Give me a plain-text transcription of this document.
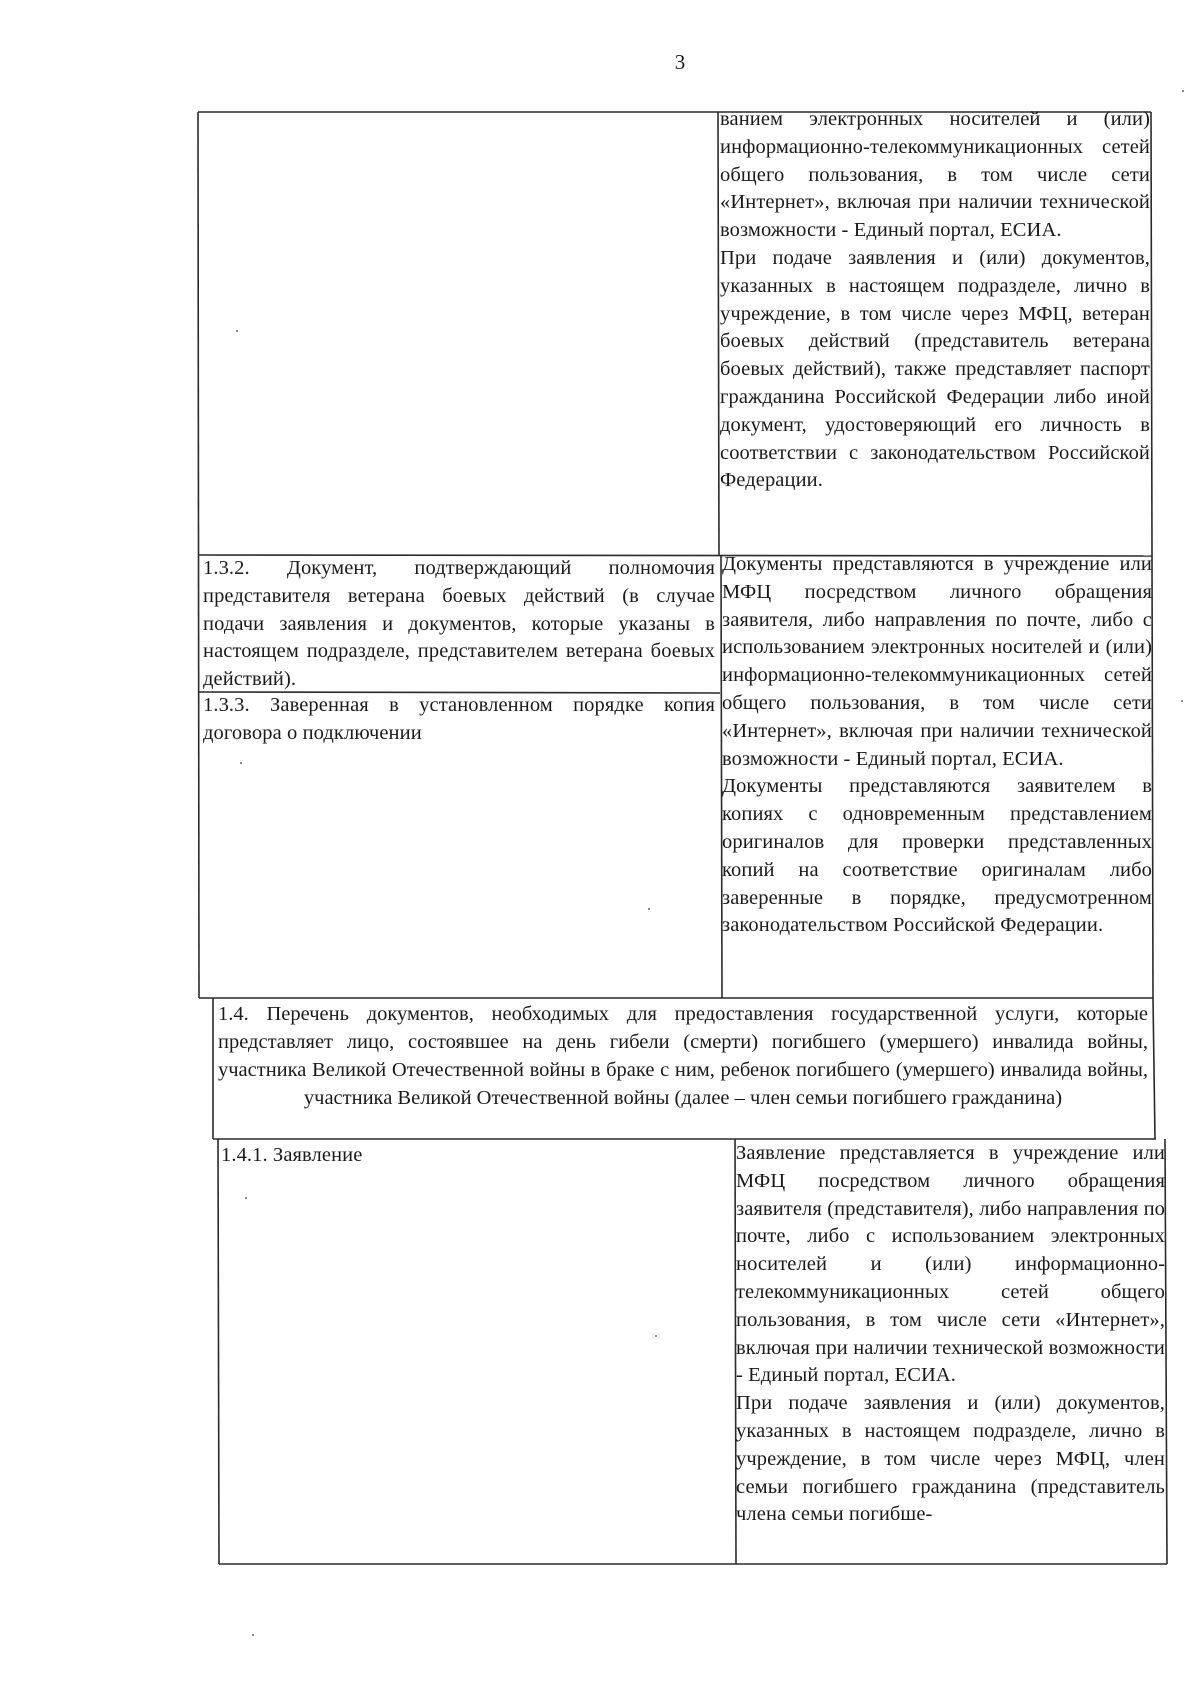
3
ванием электронных носителей и (или) информационно-телекоммуникационных сетей общего пользования, в том числе сети «Интернет», включая при наличии технической возможности - Единый портал, ЕСИА.
При подаче заявления и (или) документов, указанных в настоящем подразделе, лично в учреждение, в том числе через МФЦ, ветеран боевых действий (представитель ветерана боевых действий), также представляет паспорт гражданина Российской Федерации либо иной документ, удостоверяющий его личность в соответствии с законодательством Российской Федерации.
1.3.2. Документ, подтверждающий полномочия представителя ветерана боевых действий (в случае подачи заявления и документов, которые указаны в настоящем подразделе, представителем ветерана боевых действий).
1.3.3. Заверенная в установленном порядке копия договора о подключении
Документы представляются в учреждение или МФЦ посредством личного обращения заявителя, либо направления по почте, либо с использованием электронных носителей и (или) информационно-телекоммуникационных сетей общего пользования, в том числе сети «Интернет», включая при наличии технической возможности - Единый портал, ЕСИА.
Документы представляются заявителем в копиях с одновременным представлением оригиналов для проверки представленных копий на соответствие оригиналам либо заверенные в порядке, предусмотренном законодательством Российской Федерации.
1.4. Перечень документов, необходимых для предоставления государственной услуги, которые представляет лицо, состоявшее на день гибели (смерти) погибшего (умершего) инвалида войны, участника Великой Отечественной войны в браке с ним, ребенок погибшего (умершего) инвалида войны, участника Великой Отечественной войны (далее – член семьи погибшего гражданина)
1.4.1. Заявление	Заявление представляется в учреждение или МФЦ посредством личного обращения заявителя (представителя), либо направления по почте, либо с использованием электронных носителей и (или) информационно-телекоммуникационных сетей общего пользования, в том числе сети «Интернет», включая при наличии технической возможности - Единый портал, ЕСИА.
При подаче заявления и (или) документов, указанных в настоящем подразделе, лично в учреждение, в том числе через МФЦ, член семьи погибшего гражданина (представитель члена семьи погибше-
